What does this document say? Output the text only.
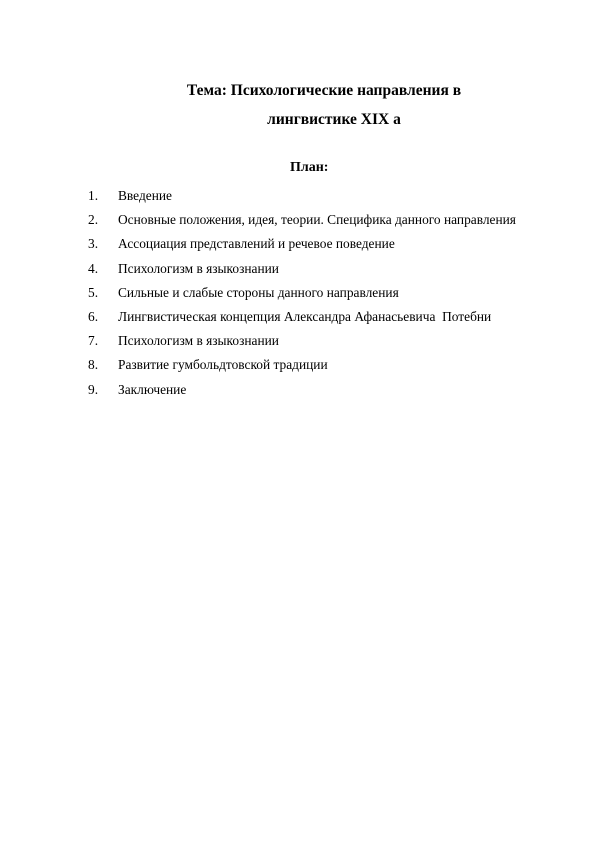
Тема: Психологические направления в
лингвистике XIX а
План:
1.	Введение
2.	Основные положения, идея, теории. Специфика данного направления
3.	Ассоциация представлений и речевое поведение
4.	Психологизм в языкознании
5.	Сильные и слабые стороны данного направления
6.	Лингвистическая концепция Александра Афанасьевича  Потебни
7.	Психологизм в языкознании
8.	Развитие гумбольдтовской традиции
9.	Заключение
